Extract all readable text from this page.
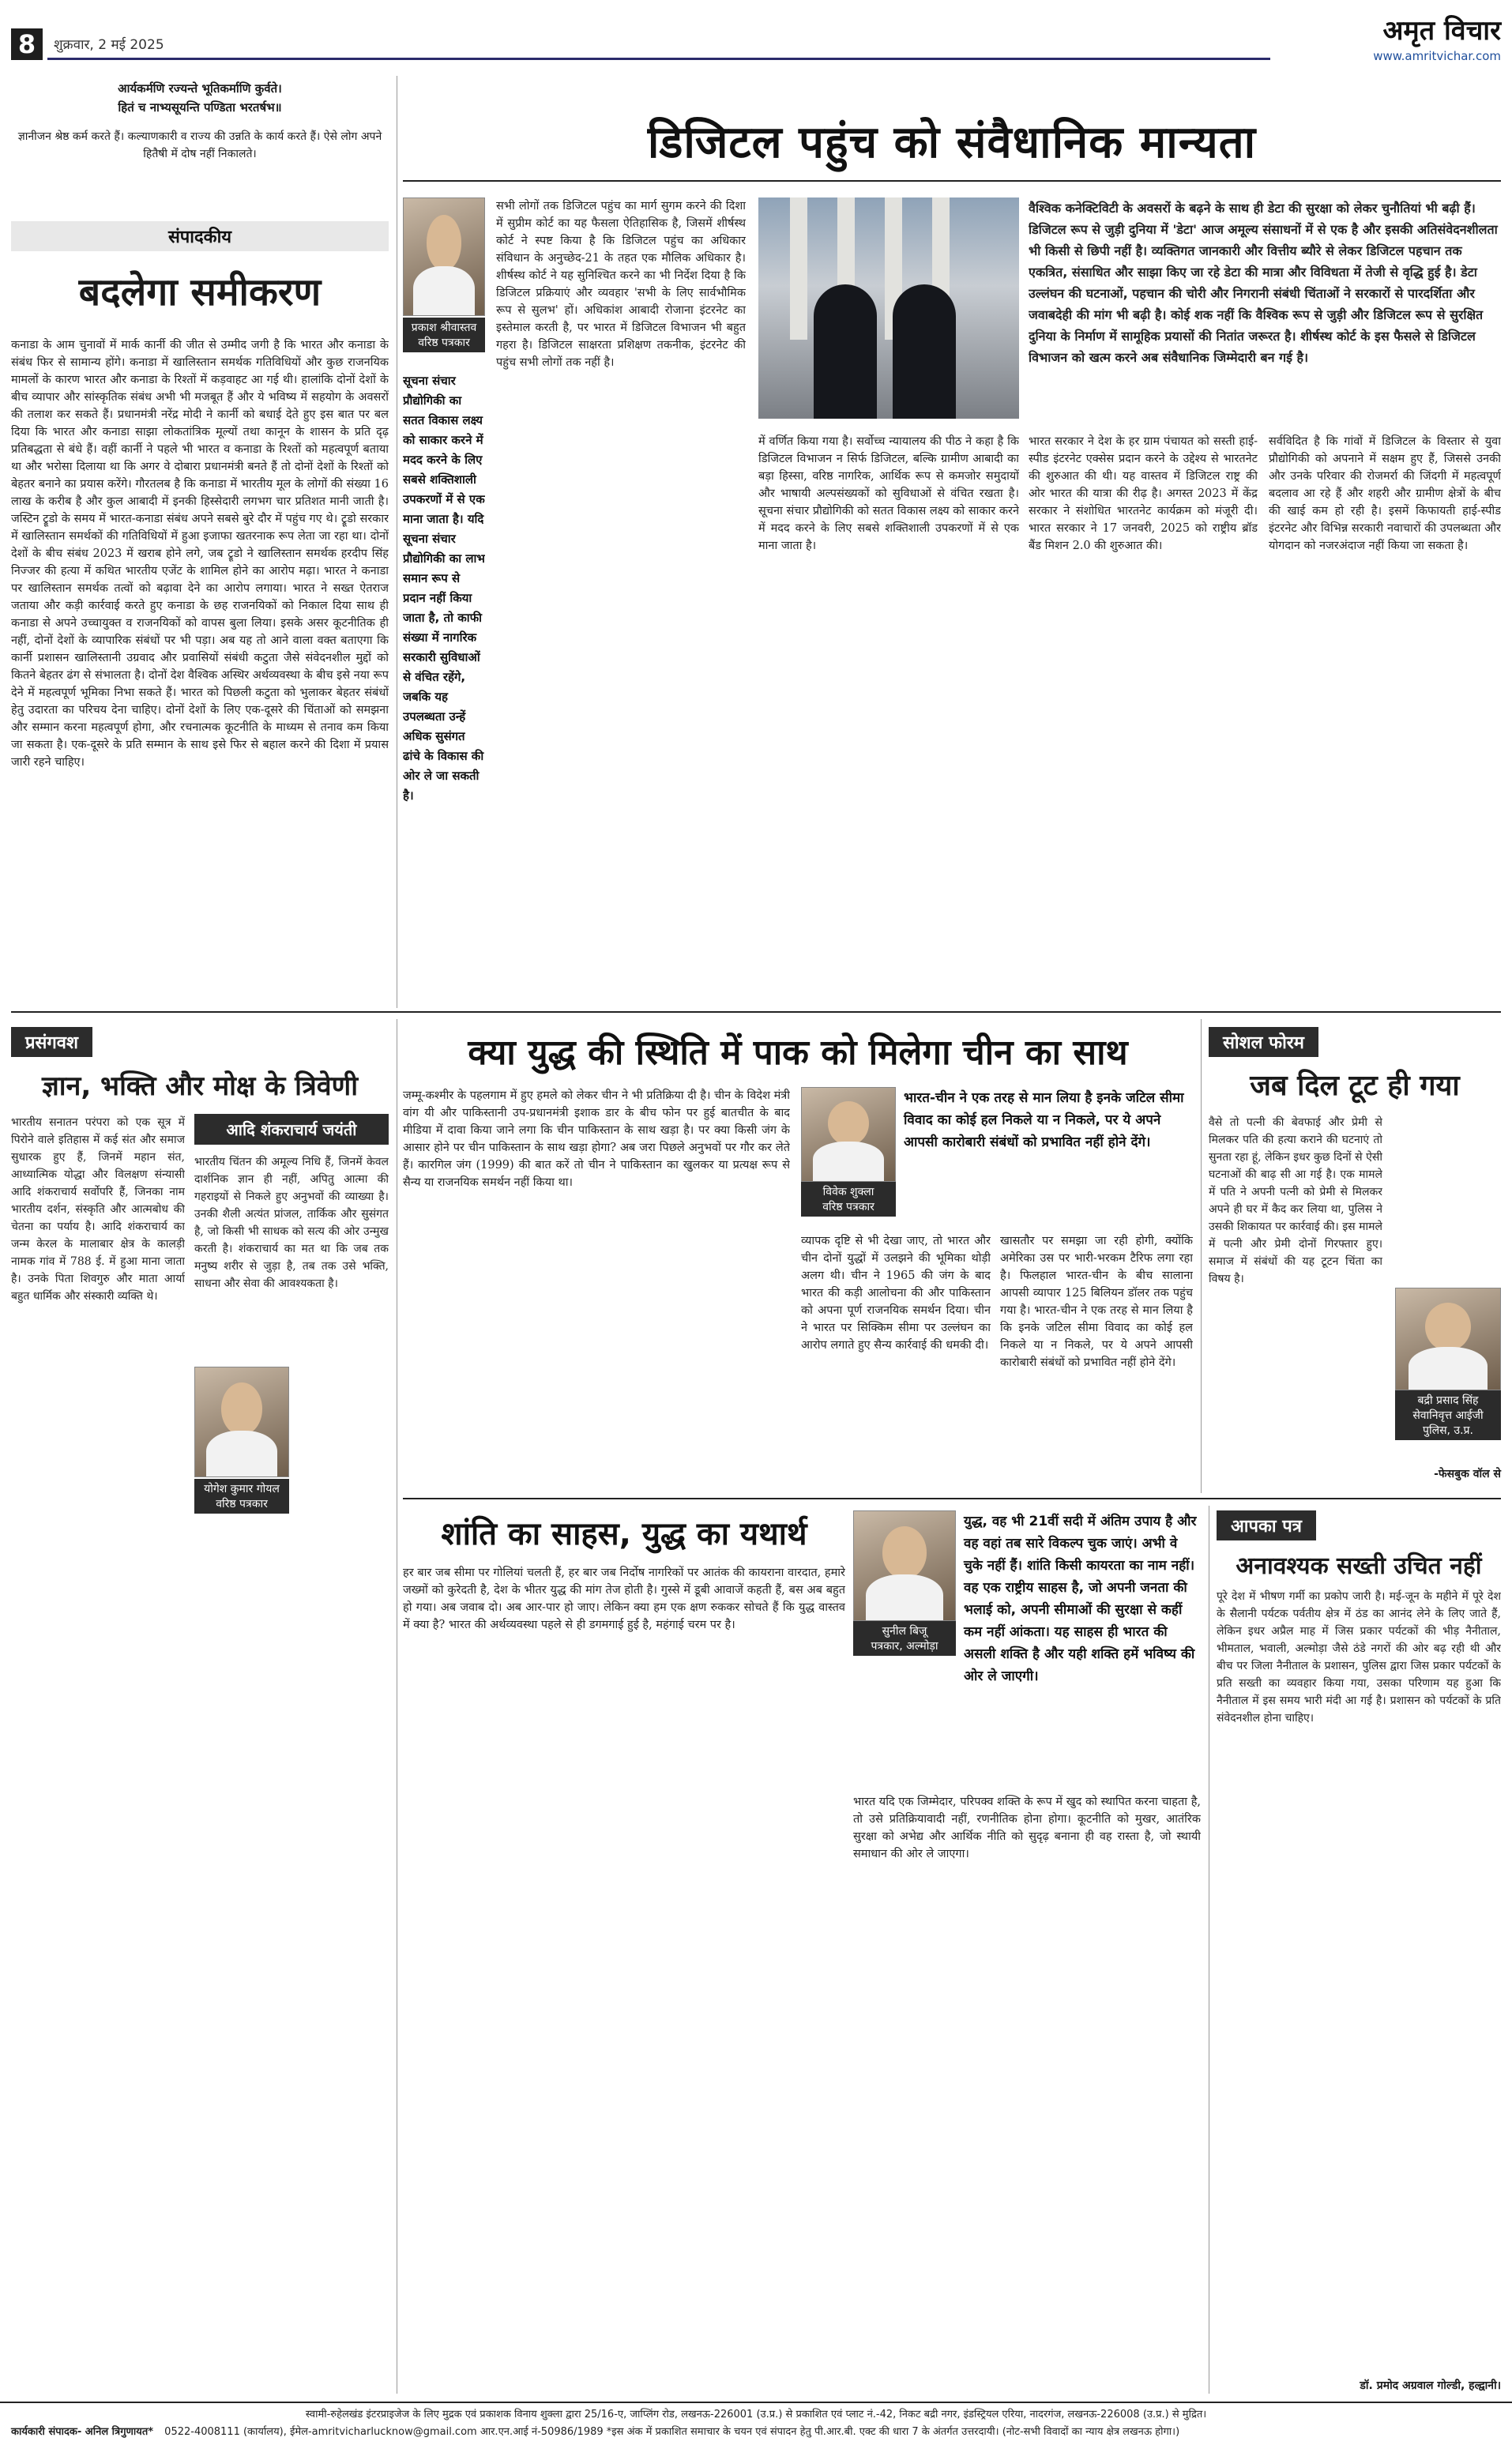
8	शुक्रवार, 2 मई 2025	अमृत विचार
www.amritvichar.com
आर्यकर्मणि रज्यन्ते भूतिकर्माणि कुर्वते।
हितं च नाभ्यसूयन्ति पण्डिता भरतर्षभ॥
ज्ञानीजन श्रेष्ठ कर्म करते हैं। कल्याणकारी व राज्य की उन्नति के कार्य करते हैं। ऐसे लोग अपने हितैषी में दोष नहीं निकालते।
संपादकीय
बदलेगा समीकरण
कनाडा के आम चुनावों में मार्क कार्नी की जीत से उम्मीद जगी है कि भारत और कनाडा के संबंध फिर से सामान्य होंगे। कनाडा में खालिस्तान समर्थक गतिविधियों और कुछ राजनयिक मामलों के कारण भारत और कनाडा के रिश्तों में कड़वाहट आ गई थी। हालांकि दोनों देशों के बीच व्यापार और सांस्कृतिक संबंध अभी भी मजबूत हैं और ये भविष्य में सहयोग के अवसरों की तलाश कर सकते हैं। प्रधानमंत्री नरेंद्र मोदी ने कार्नी को बधाई देते हुए इस बात पर बल दिया कि भारत और कनाडा साझा लोकतांत्रिक मूल्यों तथा कानून के शासन के प्रति दृढ़ प्रतिबद्धता से बंधे हैं। वहीं कार्नी ने पहले भी भारत व कनाडा के रिश्तों को महत्वपूर्ण बताया था और भरोसा दिलाया था कि अगर वे दोबारा प्रधानमंत्री बनते हैं तो दोनों देशों के रिश्तों को बेहतर बनाने का प्रयास करेंगे। गौरतलब है कि कनाडा में भारतीय मूल के लोगों की संख्या 16 लाख के करीब है और कुल आबादी में इनकी हिस्सेदारी लगभग चार प्रतिशत मानी जाती है। जस्टिन ट्रूडो के समय में भारत-कनाडा संबंध अपने सबसे बुरे दौर में पहुंच गए थे। ट्रूडो सरकार में खालिस्तान समर्थकों की गतिविधियों में हुआ इजाफा खतरनाक रूप लेता जा रहा था। दोनों देशों के बीच संबंध 2023 में खराब होने लगे, जब ट्रूडो ने खालिस्तान समर्थक हरदीप सिंह निज्जर की हत्या में कथित भारतीय एजेंट के शामिल होने का आरोप मढ़ा। भारत ने कनाडा पर खालिस्तान समर्थक तत्वों को बढ़ावा देने का आरोप लगाया। भारत ने सख्त ऐतराज जताया और कड़ी कार्रवाई करते हुए कनाडा के छह राजनयिकों को निकाल दिया साथ ही कनाडा से अपने उच्चायुक्त व राजनयिकों को वापस बुला लिया। इसके असर कूटनीतिक ही नहीं, दोनों देशों के व्यापारिक संबंधों पर भी पड़ा। अब यह तो आने वाला वक्त बताएगा कि कार्नी प्रशासन खालिस्तानी उग्रवाद और प्रवासियों संबंधी कटुता जैसे संवेदनशील मुद्दों को कितने बेहतर ढंग से संभालता है। दोनों देश वैश्विक अस्थिर अर्थव्यवस्था के बीच इसे नया रूप देने में महत्वपूर्ण भूमिका निभा सकते हैं। भारत को पिछली कटुता को भुलाकर बेहतर संबंधों हेतु उदारता का परिचय देना चाहिए। दोनों देशों के लिए एक-दूसरे की चिंताओं को समझना और सम्मान करना महत्वपूर्ण होगा, और रचनात्मक कूटनीति के माध्यम से तनाव कम किया जा सकता है। एक-दूसरे के प्रति सम्मान के साथ इसे फिर से बहाल करने की दिशा में प्रयास जारी रहने चाहिए।
डिजिटल पहुंच को संवैधानिक मान्यता
प्रकाश श्रीवास्तव
वरिष्ठ पत्रकार
सूचना संचार प्रौद्योगिकी का सतत विकास लक्ष्य को साकार करने में मदद करने के लिए सबसे शक्तिशाली उपकरणों में से एक माना जाता है। यदि सूचना संचार प्रौद्योगिकी का लाभ समान रूप से प्रदान नहीं किया जाता है, तो काफी संख्या में नागरिक सरकारी सुविधाओं से वंचित रहेंगे, जबकि यह उपलब्धता उन्हें अधिक सुसंगत ढांचे के विकास की ओर ले जा सकती है।
सभी लोगों तक डिजिटल पहुंच का मार्ग सुगम करने की दिशा में सुप्रीम कोर्ट का यह फैसला ऐतिहासिक है, जिसमें शीर्षस्थ कोर्ट ने स्पष्ट किया है कि डिजिटल पहुंच का अधिकार संविधान के अनुच्छेद-21 के तहत एक मौलिक अधिकार है। शीर्षस्थ कोर्ट ने यह सुनिश्चित करने का भी निर्देश दिया है कि डिजिटल प्रक्रियाएं और व्यवहार 'सभी के लिए सार्वभौमिक रूप से सुलभ' हों। अधिकांश आबादी रोजाना इंटरनेट का इस्तेमाल करती है, पर भारत में डिजिटल विभाजन भी बहुत गहरा है। डिजिटल साक्षरता प्रशिक्षण तकनीक, इंटरनेट की पहुंच सभी लोगों तक नहीं है।
में वर्णित किया गया है। सर्वोच्च न्यायालय की पीठ ने कहा है कि डिजिटल विभाजन न सिर्फ डिजिटल, बल्कि ग्रामीण आबादी का बड़ा हिस्सा, वरिष्ठ नागरिक, आर्थिक रूप से कमजोर समुदायों और भाषायी अल्पसंख्यकों को सुविधाओं से वंचित रखता है। सूचना संचार प्रौद्योगिकी को सतत विकास लक्ष्य को साकार करने में मदद करने के लिए सबसे शक्तिशाली उपकरणों में से एक माना जाता है।
वैश्विक कनेक्टिविटी के अवसरों के बढ़ने के साथ ही डेटा की सुरक्षा को लेकर चुनौतियां भी बढ़ी हैं। डिजिटल रूप से जुड़ी दुनिया में 'डेटा' आज अमूल्य संसाधनों में से एक है और इसकी अतिसंवेदनशीलता भी किसी से छिपी नहीं है। व्यक्तिगत जानकारी और वित्तीय ब्यौरे से लेकर डिजिटल पहचान तक एकत्रित, संसाधित और साझा किए जा रहे डेटा की मात्रा और विविधता में तेजी से वृद्धि हुई है। डेटा उल्लंघन की घटनाओं, पहचान की चोरी और निगरानी संबंधी चिंताओं ने सरकारों से पारदर्शिता और जवाबदेही की मांग भी बढ़ी है। कोई शक नहीं कि वैश्विक रूप से जुड़ी और डिजिटल रूप से सुरक्षित दुनिया के निर्माण में सामूहिक प्रयासों की नितांत जरूरत है। शीर्षस्थ कोर्ट के इस फैसले से डिजिटल विभाजन को खत्म करने अब संवैधानिक जिम्मेदारी बन गई है।
भारत सरकार ने देश के हर ग्राम पंचायत को सस्ती हाई-स्पीड इंटरनेट एक्सेस प्रदान करने के उद्देश्य से भारतनेट की शुरुआत की थी। यह वास्तव में डिजिटल राष्ट्र की ओर भारत की यात्रा की रीढ़ है। अगस्त 2023 में केंद्र सरकार ने संशोधित भारतनेट कार्यक्रम को मंजूरी दी। भारत सरकार ने 17 जनवरी, 2025 को राष्ट्रीय ब्रॉड बैंड मिशन 2.0 की शुरुआत की।
सर्वविदित है कि गांवों में डिजिटल के विस्तार से युवा प्रौद्योगिकी को अपनाने में सक्षम हुए हैं, जिससे उनकी और उनके परिवार की रोजमर्रा की जिंदगी में महत्वपूर्ण बदलाव आ रहे हैं और शहरी और ग्रामीण क्षेत्रों के बीच की खाई कम हो रही है। इसमें किफायती हाई-स्पीड इंटरनेट और विभिन्न सरकारी नवाचारों की उपलब्धता और योगदान को नजरअंदाज नहीं किया जा सकता है।
प्रसंगवश
ज्ञान, भक्ति और मोक्ष के त्रिवेणी
भारतीय सनातन परंपरा को एक सूत्र में पिरोने वाले इतिहास में कई संत और समाज सुधारक हुए हैं, जिनमें महान संत, आध्यात्मिक योद्धा और विलक्षण संन्यासी आदि शंकराचार्य सर्वोपरि हैं, जिनका नाम भारतीय दर्शन, संस्कृति और आत्मबोध की चेतना का पर्याय है। आदि शंकराचार्य का जन्म केरल के मालाबार क्षेत्र के कालड़ी नामक गांव में 788 ई. में हुआ माना जाता है। उनके पिता शिवगुरु और माता आर्या बहुत धार्मिक और संस्कारी व्यक्ति थे।
आदि शंकराचार्य जयंती
योगेश कुमार गोयल
वरिष्ठ पत्रकार
भारतीय चिंतन की अमूल्य निधि हैं, जिनमें केवल दार्शनिक ज्ञान ही नहीं, अपितु आत्मा की गहराइयों से निकले हुए अनुभवों की व्याख्या है। उनकी शैली अत्यंत प्रांजल, तार्किक और सुसंगत है, जो किसी भी साधक को सत्य की ओर उन्मुख करती है। शंकराचार्य का मत था कि जब तक मनुष्य शरीर से जुड़ा है, तब तक उसे भक्ति, साधना और सेवा की आवश्यकता है।
क्या युद्ध की स्थिति में पाक को मिलेगा चीन का साथ
जम्मू-कश्मीर के पहलगाम में हुए हमले को लेकर चीन ने भी प्रतिक्रिया दी है। चीन के विदेश मंत्री वांग यी और पाकिस्तानी उप-प्रधानमंत्री इशाक डार के बीच फोन पर हुई बातचीत के बाद मीडिया में दावा किया जाने लगा कि चीन पाकिस्तान के साथ खड़ा है। पर क्या किसी जंग के आसार होने पर चीन पाकिस्तान के साथ खड़ा होगा? अब जरा पिछले अनुभवों पर गौर कर लेते हैं। कारगिल जंग (1999) की बात करें तो चीन ने पाकिस्तान का खुलकर या प्रत्यक्ष रूप से सैन्य या राजनयिक समर्थन नहीं किया था।
विवेक शुक्ला
वरिष्ठ पत्रकार
भारत-चीन ने एक तरह से मान लिया है इनके जटिल सीमा विवाद का कोई हल निकले या न निकले, पर ये अपने आपसी कारोबारी संबंधों को प्रभावित नहीं होने देंगे।
व्यापक दृष्टि से भी देखा जाए, तो भारत और चीन दोनों युद्धों में उलझने की भूमिका थोड़ी अलग थी। चीन ने 1965 की जंग के बाद भारत की कड़ी आलोचना की और पाकिस्तान को अपना पूर्ण राजनयिक समर्थन दिया। चीन ने भारत पर सिक्किम सीमा पर उल्लंघन का आरोप लगाते हुए सैन्य कार्रवाई की धमकी दी।
खासतौर पर समझा जा रही होगी, क्योंकि अमेरिका उस पर भारी-भरकम टैरिफ लगा रहा है। फिलहाल भारत-चीन के बीच सालाना आपसी व्यापार 125 बिलियन डॉलर तक पहुंच गया है। भारत-चीन ने एक तरह से मान लिया है कि इनके जटिल सीमा विवाद का कोई हल निकले या न निकले, पर ये अपने आपसी कारोबारी संबंधों को प्रभावित नहीं होने देंगे।
सोशल फोरम
जब दिल टूट ही गया
वैसे तो पत्नी की बेवफाई और प्रेमी से मिलकर पति की हत्या कराने की घटनाएं तो सुनता रहा हूं, लेकिन इधर कुछ दिनों से ऐसी घटनाओं की बाढ़ सी आ गई है। एक मामले में पति ने अपनी पत्नी को प्रेमी से मिलकर अपने ही घर में कैद कर लिया था, पुलिस ने उसकी शिकायत पर कार्रवाई की। इस मामले में पत्नी और प्रेमी दोनों गिरफ्तार हुए। समाज में संबंधों की यह टूटन चिंता का विषय है।
बद्री प्रसाद सिंह
सेवानिवृत्त आईजी पुलिस, उ.प्र.
-फेसबुक वॉल से
शांति का साहस, युद्ध का यथार्थ
हर बार जब सीमा पर गोलियां चलती हैं, हर बार जब निर्दोष नागरिकों पर आतंक की कायराना वारदात, हमारे जख्मों को कुरेदती है, देश के भीतर युद्ध की मांग तेज होती है। गुस्से में डूबी आवाजें कहती हैं, बस अब बहुत हो गया। अब जवाब दो। अब आर-पार हो जाए। लेकिन क्या हम एक क्षण रुककर सोचते हैं कि युद्ध वास्तव में क्या है? भारत की अर्थव्यवस्था पहले से ही डगमगाई हुई है, महंगाई चरम पर है।	सुनील बिजू
पत्रकार, अल्मोड़ा
युद्ध, वह भी 21वीं सदी में अंतिम उपाय है और वह वहां तब सारे विकल्प चुक जाएं। अभी वे चुके नहीं हैं। शांति किसी कायरता का नाम नहीं। वह एक राष्ट्रीय साहस है, जो अपनी जनता की भलाई को, अपनी सीमाओं की सुरक्षा से कहीं कम नहीं आंकता। यह साहस ही भारत की असली शक्ति है और यही शक्ति हमें भविष्य की ओर ले जाएगी।
भारत यदि एक जिम्मेदार, परिपक्व शक्ति के रूप में खुद को स्थापित करना चाहता है, तो उसे प्रतिक्रियावादी नहीं, रणनीतिक होना होगा। कूटनीति को मुखर, आतंरिक सुरक्षा को अभेद्य और आर्थिक नीति को सुदृढ़ बनाना ही वह रास्ता है, जो स्थायी समाधान की ओर ले जाएगा।
आपका पत्र
अनावश्यक सख्ती उचित नहीं
पूरे देश में भीषण गर्मी का प्रकोप जारी है। मई-जून के महीने में पूरे देश के सैलानी पर्यटक पर्वतीय क्षेत्र में ठंड का आनंद लेने के लिए जाते हैं, लेकिन इधर अप्रैल माह में जिस प्रकार पर्यटकों की भीड़ नैनीताल, भीमताल, भवाली, अल्मोड़ा जैसे ठंडे नगरों की ओर बढ़ रही थी और बीच पर जिला नैनीताल के प्रशासन, पुलिस द्वारा जिस प्रकार पर्यटकों के प्रति सख्ती का व्यवहार किया गया, उसका परिणाम यह हुआ कि नैनीताल में इस समय भारी मंदी आ गई है। प्रशासन को पर्यटकों के प्रति संवेदनशील होना चाहिए।
डॉ. प्रमोद अग्रवाल गोल्डी, हल्द्वानी।
स्वामी-रुहेलखंड इंटरप्राइजेज के लिए मुद्रक एवं प्रकाशक विनाय शुक्ला द्वारा 25/16-ए, जाप्लिंग रोड, लखनऊ-226001 (उ.प्र.) से प्रकाशित एवं प्लाट नं.-42, निकट बद्री नगर, इंडस्ट्रियल एरिया, नादरगंज, लखनऊ-226008 (उ.प्र.) से मुद्रित।
कार्यकारी संपादक- अनिल त्रिगुणायत* 0522-4008111 (कार्यालय), ईमेल-amritvicharlucknow@gmail.com आर.एन.आई नं-50986/1989 *इस अंक में प्रकाशित समाचार के चयन एवं संपादन हेतु पी.आर.बी. एक्ट की धारा 7 के अंतर्गत उत्तरदायी। (नोट-सभी विवादों का न्याय क्षेत्र लखनऊ होगा।)
